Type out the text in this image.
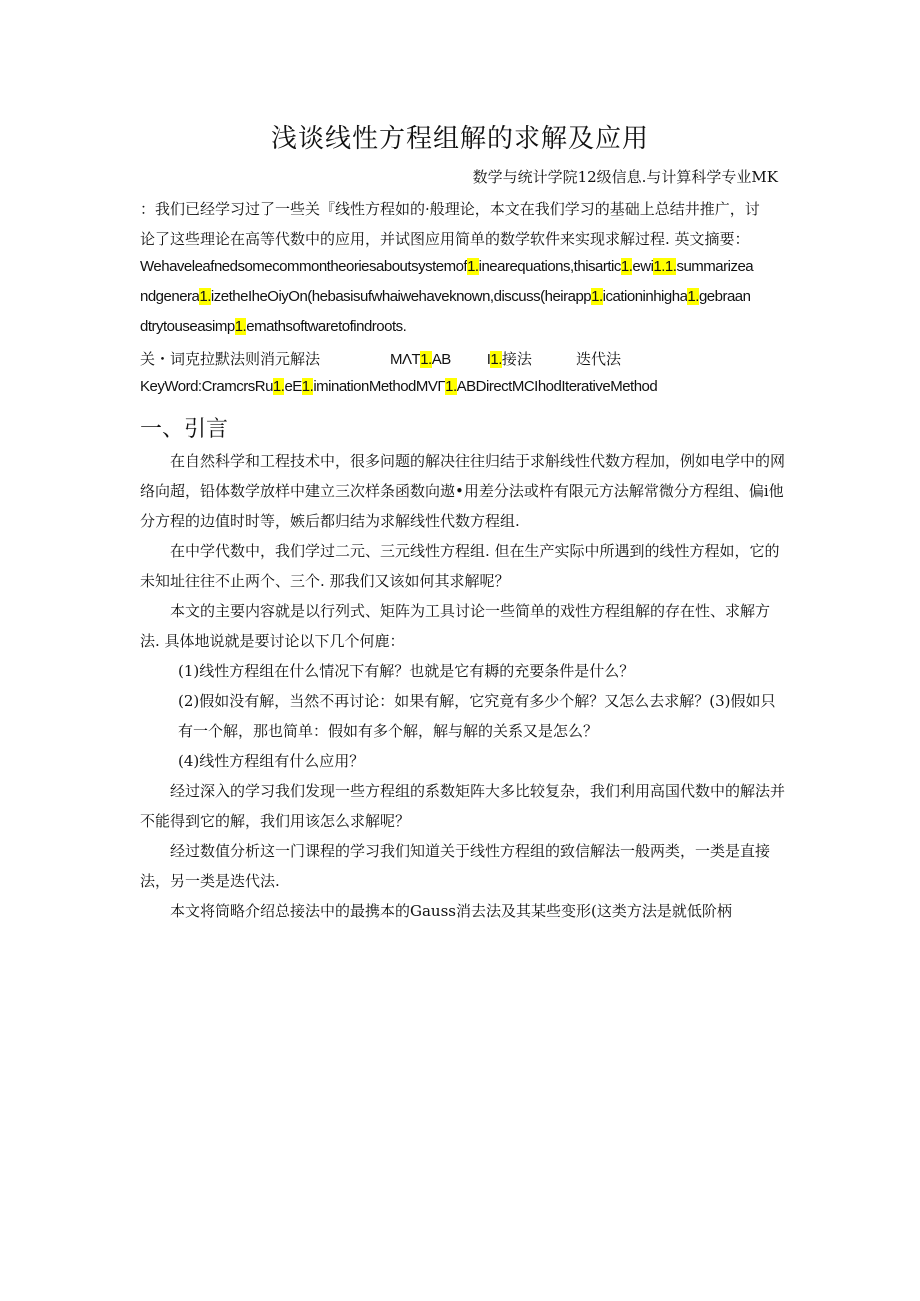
浅谈线性方程组解的求解及应用
数学与统计学院12级信息.与计算科学专业MK
：我们已经学习过了一些关『线性方程如的·般理论，本文在我们学习的基础上总结井推广，讨
论了这些理论在高等代数中的应用，并试图应用简单的数学软件来实现求解过程. 英文摘要：
Wehaveleafnedsomecommontheoriesaboutsystemof1.inearequations,thisartic1.ewi1.1.summarizea
ndgenera1.izetheIheOiyOn(hebasisufwhaiwehaveknown,discuss(heirapp1.icationinhigha1.gebraan
dtrytouseasimp1.emathsoftwaretofindroots.
关・词克拉默法则消元解法	MΛT1.AB I1.接法	迭代法
KeyWord:CramcrsRu1.eE1.iminationMethodMVΓ1.ABDirectMCIhodIterativeMethod
一、引言

在自然科学和工程技术中，很多问题的解决往往归结于求斛线性代数方程加，例如电学中的网络向超，铅体数学放样中建立三次样条函数向遨•用差分法或杵有限元方法解常微分方程组、偏i他分方程的边值时时等，嫉后都归结为求解线性代数方程组.

在中学代数中，我们学过二元、三元线性方程组. 但在生产实际中所遇到的线性方程如，它的未知址往往不止两个、三个. 那我们又该如何其求解呢？

本文的主要内容就是以行列式、矩阵为工具讨论一些简单的戏性方程组解的存在性、求解方法. 具体地说就是要讨论以下几个何鹿：

(1)线性方程组在什么情况下有解？也就是它有耨的充要条件是什么？

(2)假如没有解，当然不再讨论：如果有解，它究竟有多少个解？又怎么去求解？(3)假如只有一个解，那也简单：假如有多个解，解与解的关系又是怎么？

(4)线性方程组有什么应用？

经过深入的学习我们发现一些方程组的系数矩阵大多比较复杂，我们利用高国代数中的解法并不能得到它的解，我们用该怎么求解呢？

经过数值分析这一门课程的学习我们知道关于线性方程组的致信解法一般两类，一类是直接法，另一类是迭代法.

本文将筒略介绍总接法中的最携本的Gauss消去法及其某些变形(这类方法是就低阶柄
